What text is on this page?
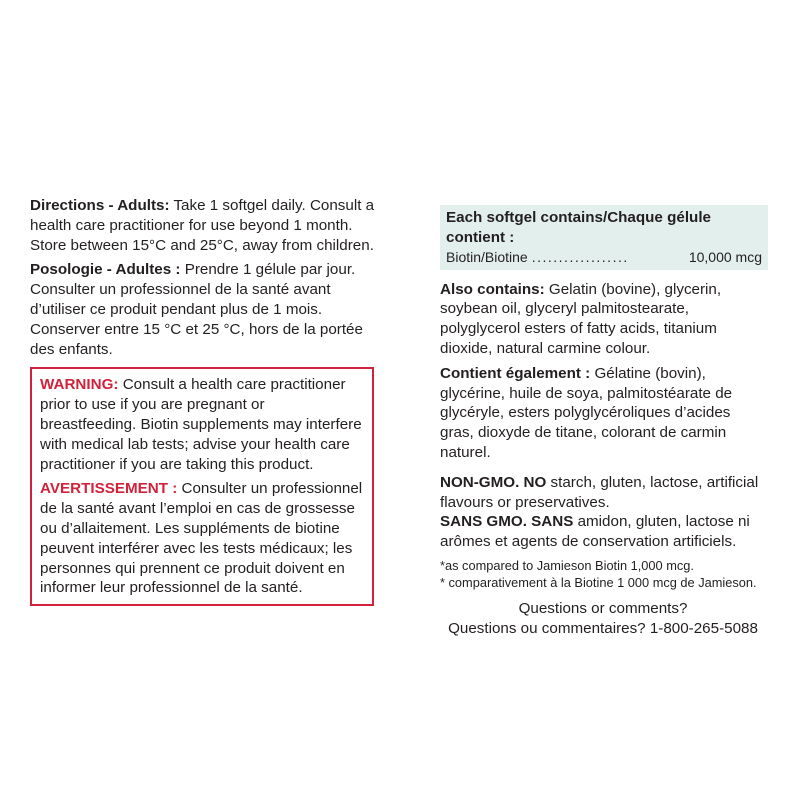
Directions - Adults: Take 1 softgel daily. Consult a health care practitioner for use beyond 1 month. Store between 15°C and 25°C, away from children.

Posologie - Adultes : Prendre 1 gélule par jour. Consulter un professionnel de la santé avant d’utiliser ce produit pendant plus de 1 mois. Conserver entre 15 °C et 25 °C, hors de la portée des enfants.

WARNING: Consult a health care practitioner prior to use if you are pregnant or breastfeeding. Biotin supplements may interfere with medical lab tests; advise your health care practitioner if you are taking this product.

AVERTISSEMENT : Consulter un professionnel de la santé avant l’emploi en cas de grossesse ou d’allaitement. Les suppléments de biotine peuvent interférer avec les tests médicaux; les personnes qui prennent ce produit doivent en informer leur professionnel de la santé.

Each softgel contains/Chaque gélule contient :
Biotin/Biotine ..................	10,000 mcg

Also contains: Gelatin (bovine), glycerin, soybean oil, glyceryl palmitostearate, polyglycerol esters of fatty acids, titanium dioxide, natural carmine colour.

Contient également : Gélatine (bovin), glycérine, huile de soya, palmitostéarate de glycéryle, esters polyglycéroliques d’acides gras, dioxyde de titane, colorant de carmin naturel.

NON-GMO. NO starch, gluten, lactose, artificial flavours or preservatives.

SANS GMO. SANS amidon, gluten, lactose ni arômes et agents de conservation artificiels.

*as compared to Jamieson Biotin 1,000 mcg.

* comparativement à la Biotine 1 000 mcg de Jamieson.

Questions or comments?
Questions ou commentaires? 1-800-265-5088
